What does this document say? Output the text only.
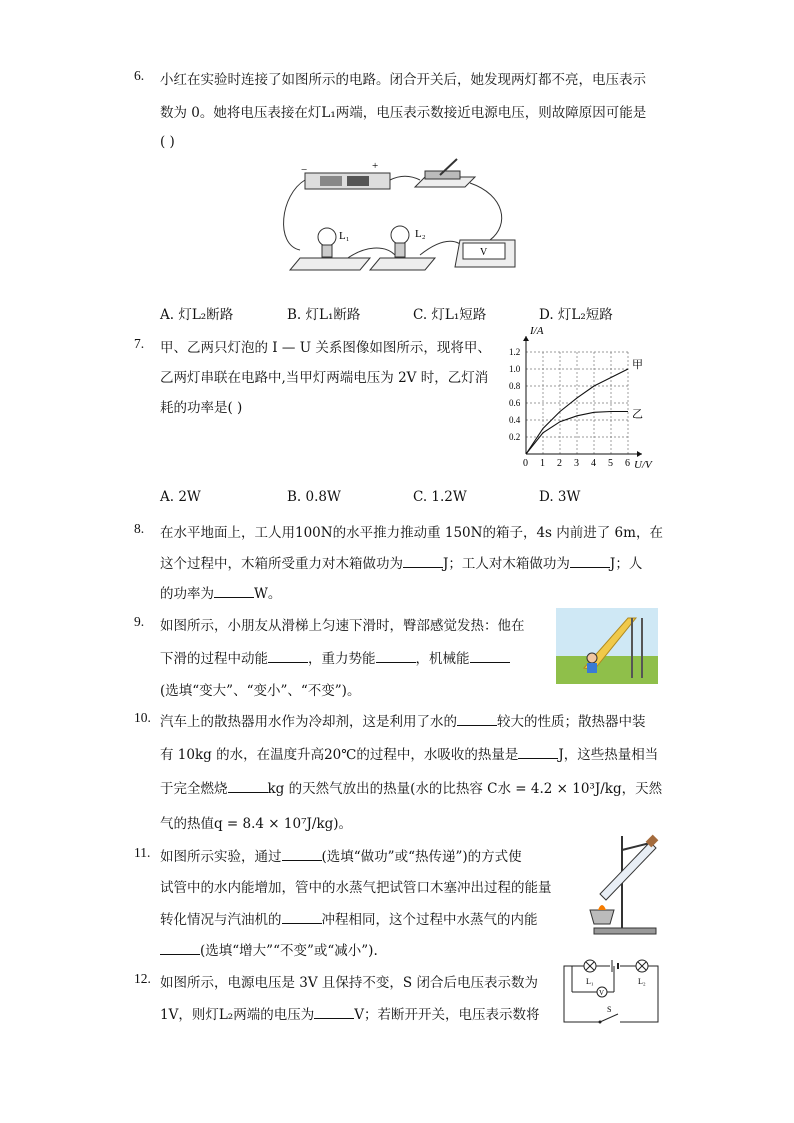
6. 小红在实验时连接了如图所示的电路。闭合开关后，她发现两灯都不亮，电压表示
数为 0。她将电压表接在灯L₁两端，电压表示数接近电源电压，则故障原因可能是
( )
−	+
L₁	L₂
V
A. 灯L₂断路	B. 灯L₁断路	C. 灯L₁短路	D. 灯L₂短路
7. 甲、乙两只灯泡的 I — U 关系图像如图所示，现将甲、
乙两灯串联在电路中,当甲灯两端电压为 2V 时，乙灯消
耗的功率是( )
0 1 2 3 4 5 6
0.2
0.4
0.6
0.8
1.0
1.2
U/V
I/A
甲
乙
A. 2W	B. 0.8W	C. 1.2W	D. 3W
8. 在水平地面上，工人用100N的水平推力推动重 150N的箱子，4s 内前进了 6m，在
这个过程中，木箱所受重力对木箱做功为	J；工人对木箱做功为	J；人
的功率为	W。
9. 如图所示，小朋友从滑梯上匀速下滑时，臀部感觉发热：他在
下滑的过程中动能	，重力势能	，机械能
(选填“变大”、“变小”、“不变”)。
10. 汽车上的散热器用水作为冷却剂，这是利用了水的	较大的性质；散热器中装
有 10kg 的水，在温度升高20℃的过程中，水吸收的热量是	J，这些热量相当
于完全燃烧	kg 的天然气放出的热量(水的比热容 C水 = 4.2 × 10³J/kg，天然
气的热值q = 8.4 × 10⁷J/kg)。
11. 如图所示实验，通过	(选填“做功”或“热传递”)的方式使
试管中的水内能增加，管中的水蒸气把试管口木塞冲出过程的能量
转化情况与汽油机的	冲程相同，这个过程中水蒸气的内能
(选填“增大”“不变”或“减小”).
12. 如图所示，电源电压是 3V 且保持不变，S 闭合后电压表示数为
1V，则灯L₂两端的电压为	V；若断开开关，电压表示数将
L₁	L₂
V
S
